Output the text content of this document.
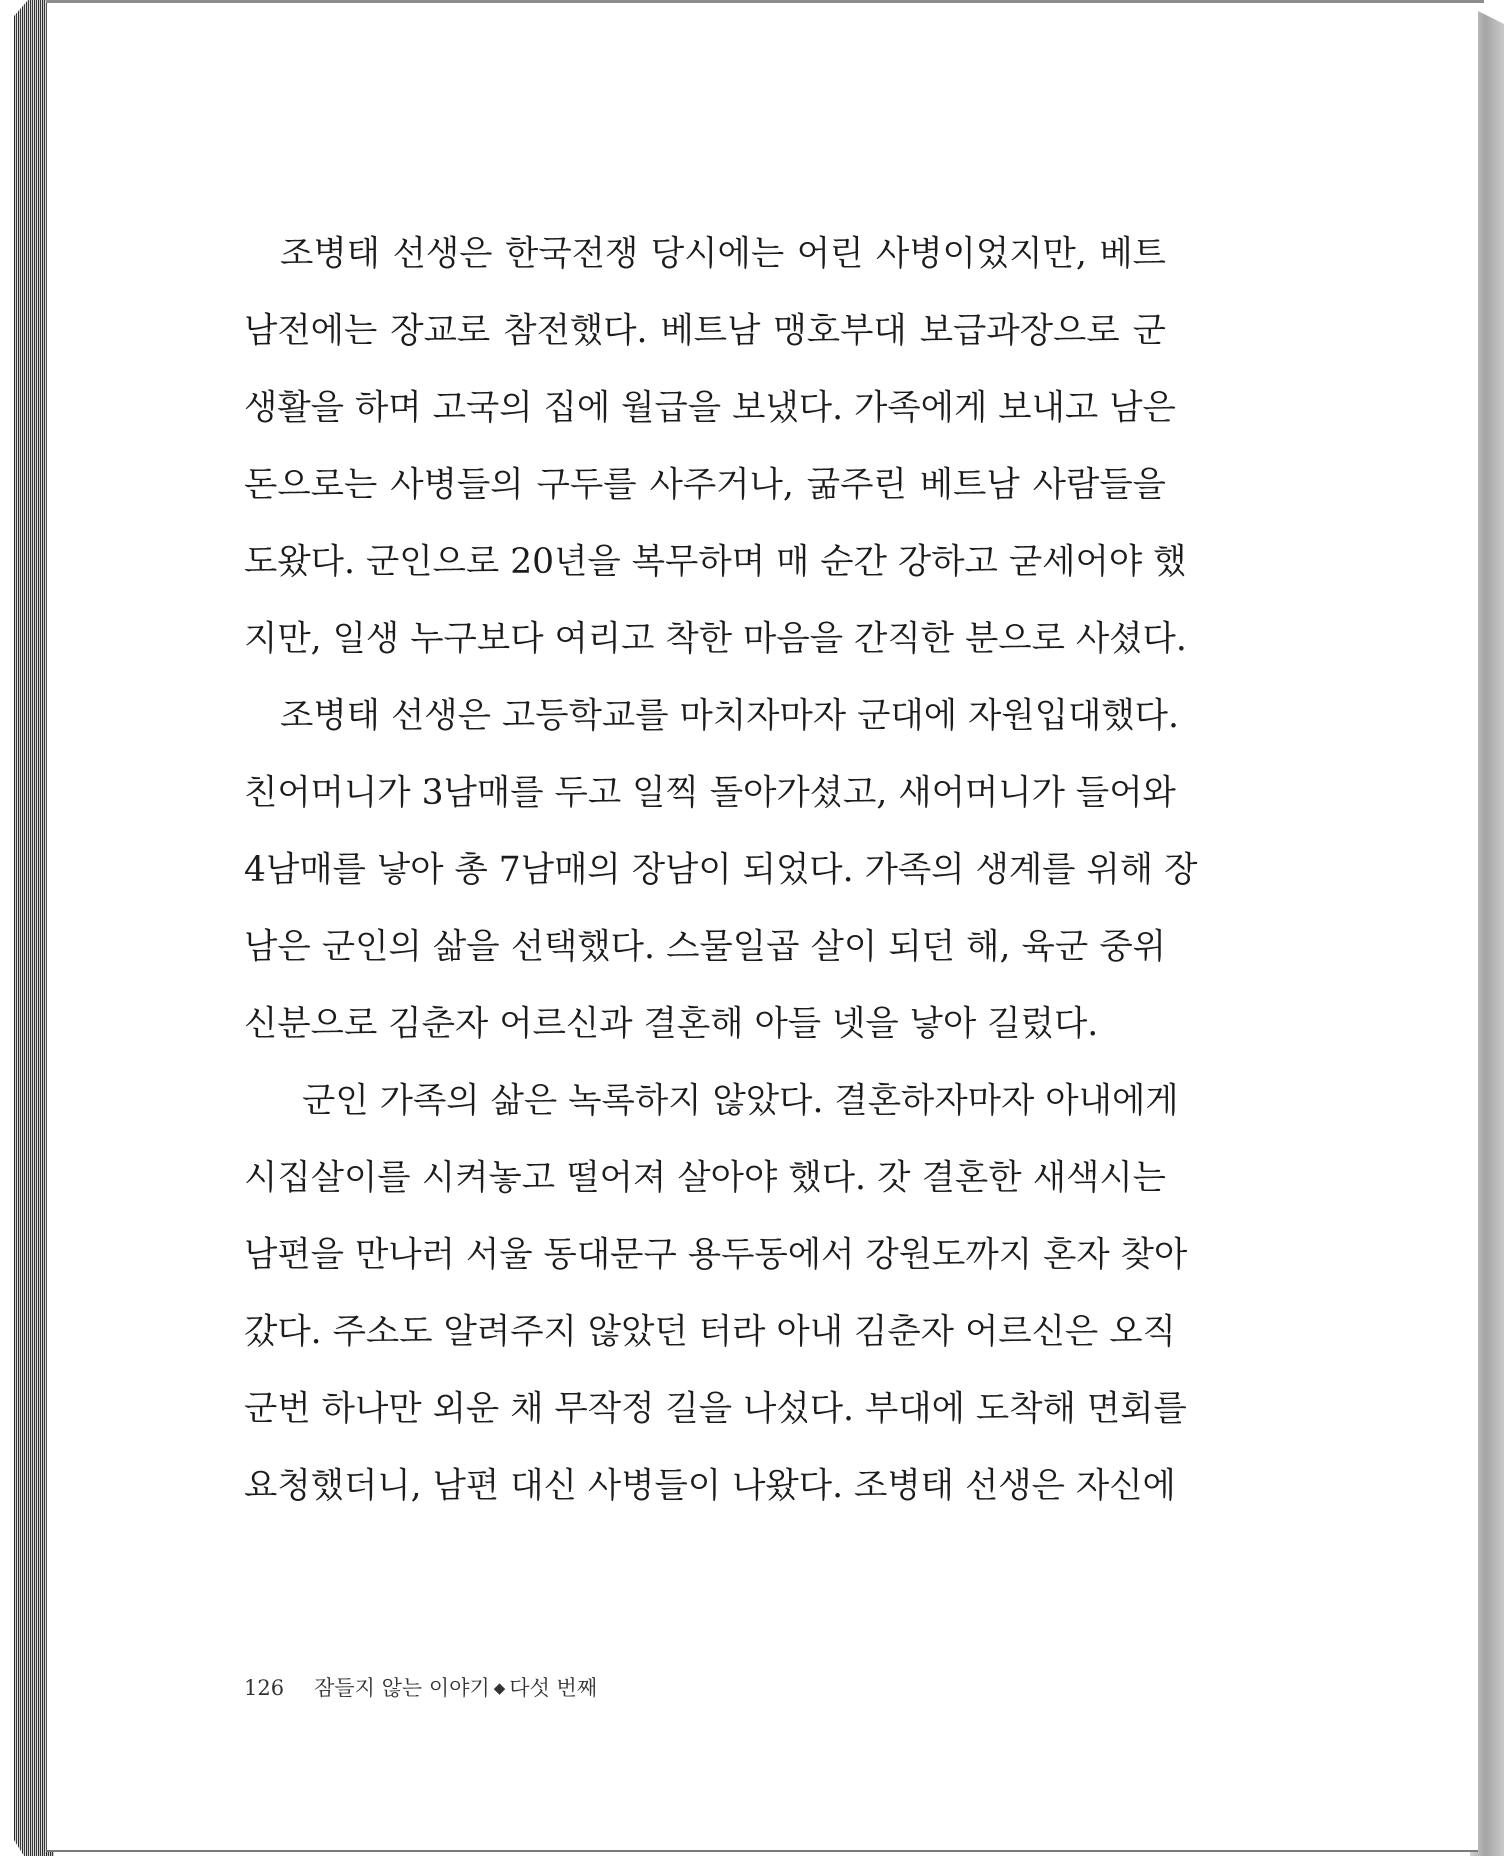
조병태 선생은 한국전쟁 당시에는 어린 사병이었지만, 베트
남전에는 장교로 참전했다. 베트남 맹호부대 보급과장으로 군
생활을 하며 고국의 집에 월급을 보냈다. 가족에게 보내고 남은
돈으로는 사병들의 구두를 사주거나, 굶주린 베트남 사람들을
도왔다. 군인으로 20년을 복무하며 매 순간 강하고 굳세어야 했
지만, 일생 누구보다 여리고 착한 마음을 간직한 분으로 사셨다.
조병태 선생은 고등학교를 마치자마자 군대에 자원입대했다.
친어머니가 3남매를 두고 일찍 돌아가셨고, 새어머니가 들어와
4남매를 낳아 총 7남매의 장남이 되었다. 가족의 생계를 위해 장
남은 군인의 삶을 선택했다. 스물일곱 살이 되던 해, 육군 중위
신분으로 김춘자 어르신과 결혼해 아들 넷을 낳아 길렀다.
군인 가족의 삶은 녹록하지 않았다. 결혼하자마자 아내에게
시집살이를 시켜놓고 떨어져 살아야 했다. 갓 결혼한 새색시는
남편을 만나러 서울 동대문구 용두동에서 강원도까지 혼자 찾아
갔다. 주소도 알려주지 않았던 터라 아내 김춘자 어르신은 오직
군번 하나만 외운 채 무작정 길을 나섰다. 부대에 도착해 면회를
요청했더니, 남편 대신 사병들이 나왔다. 조병태 선생은 자신에
126 잠들지 않는 이야기 ◆ 다섯 번째
